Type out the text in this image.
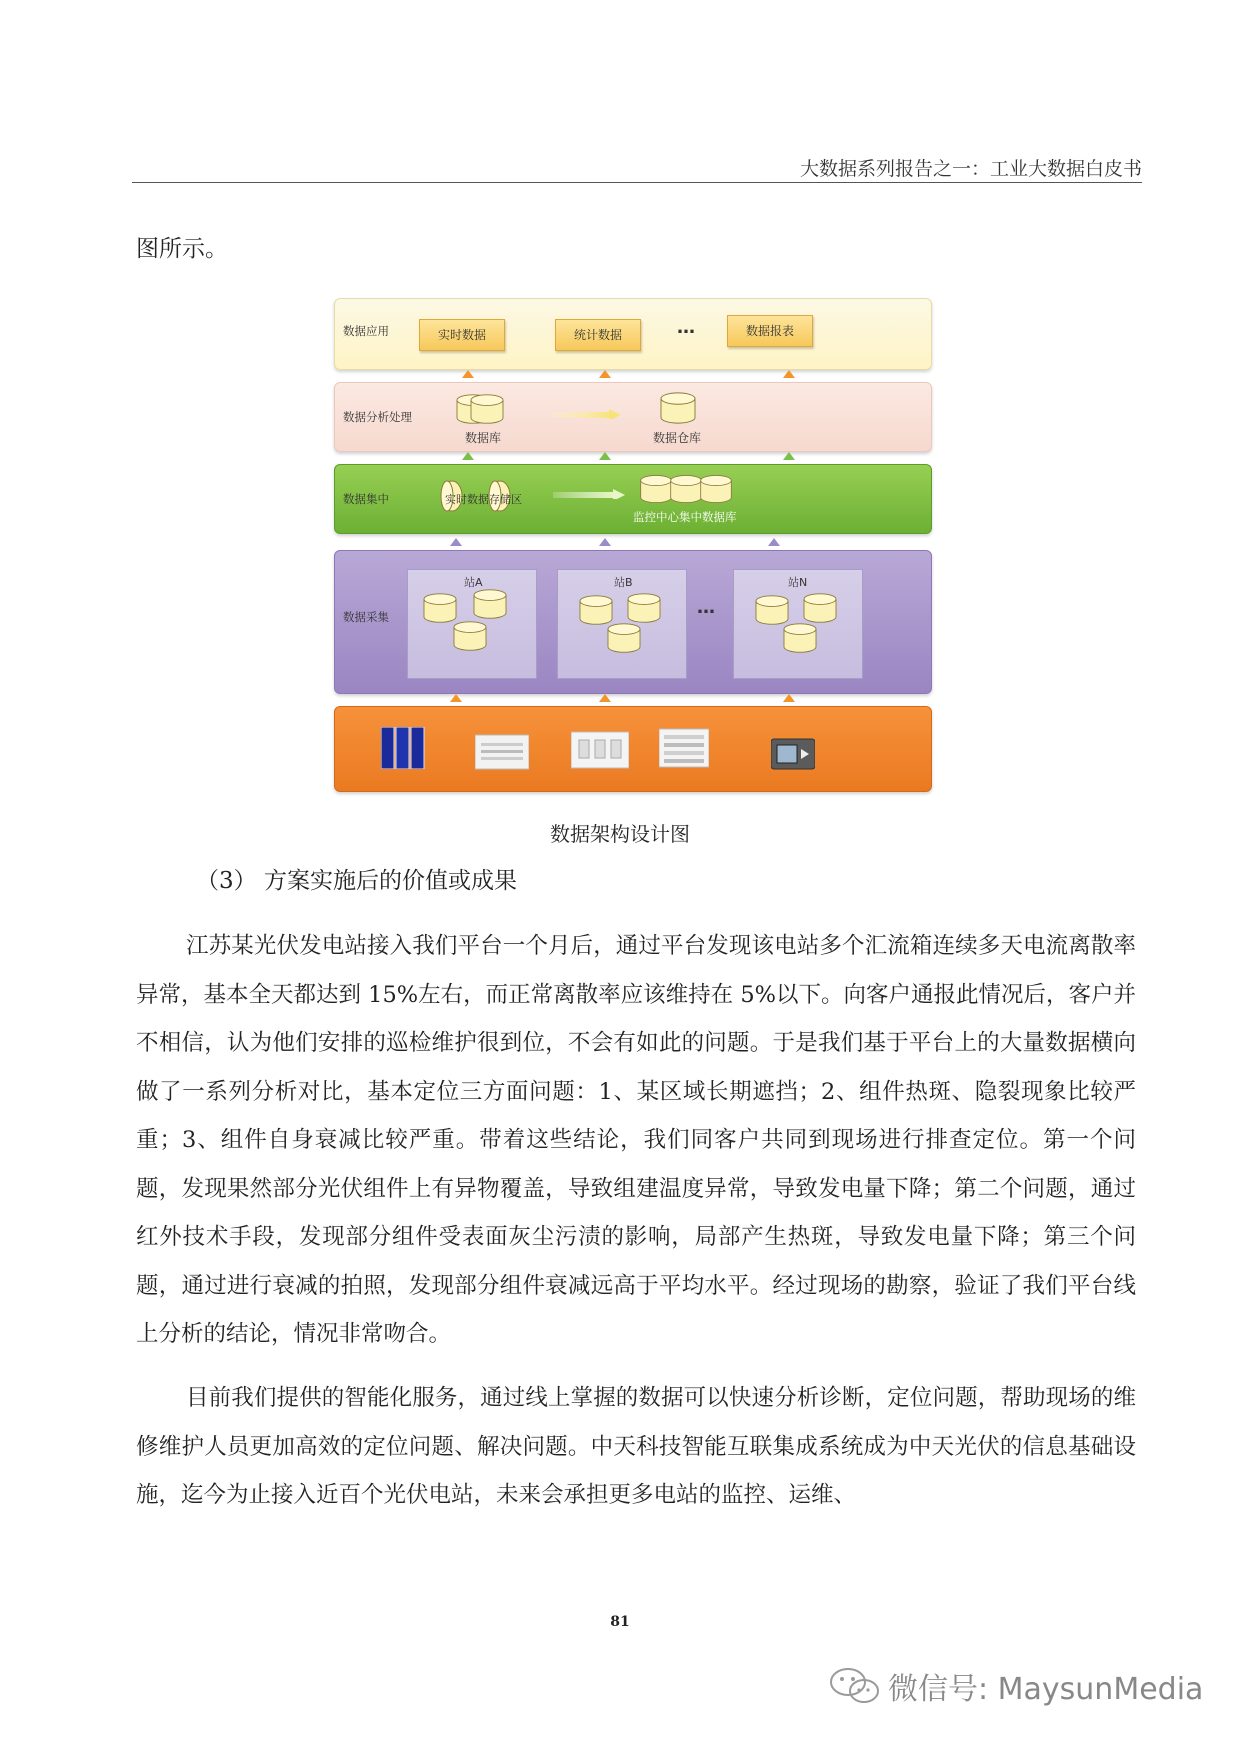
大数据系列报告之一：工业大数据白皮书
图所示。
数据应用	实时数据	统计数据	…	数据报表
数据分析处理
数据库	数据仓库
数据集中	实时数据存储区
监控中心集中数据库
数据采集
站A	站B
…
站N
数据架构设计图
（3） 方案实施后的价值或成果

江苏某光伏发电站接入我们平台一个月后，通过平台发现该电站多个汇流箱连续多天电流离散率异常，基本全天都达到 15%左右，而正常离散率应该维持在 5%以下。向客户通报此情况后，客户并不相信，认为他们安排的巡检维护很到位，不会有如此的问题。于是我们基于平台上的大量数据横向做了一系列分析对比，基本定位三方面问题：1、某区域长期遮挡；2、组件热斑、隐裂现象比较严重；3、组件自身衰减比较严重。带着这些结论，我们同客户共同到现场进行排查定位。第一个问题，发现果然部分光伏组件上有异物覆盖，导致组建温度异常，导致发电量下降；第二个问题，通过红外技术手段，发现部分组件受表面灰尘污渍的影响，局部产生热斑，导致发电量下降；第三个问题，通过进行衰减的拍照，发现部分组件衰减远高于平均水平。经过现场的勘察，验证了我们平台线上分析的结论，情况非常吻合。

目前我们提供的智能化服务，通过线上掌握的数据可以快速分析诊断，定位问题，帮助现场的维修维护人员更加高效的定位问题、解决问题。中天科技智能互联集成系统成为中天光伏的信息基础设施，迄今为止接入近百个光伏电站，未来会承担更多电站的监控、运维、

81
微信号: MaysunMedia
